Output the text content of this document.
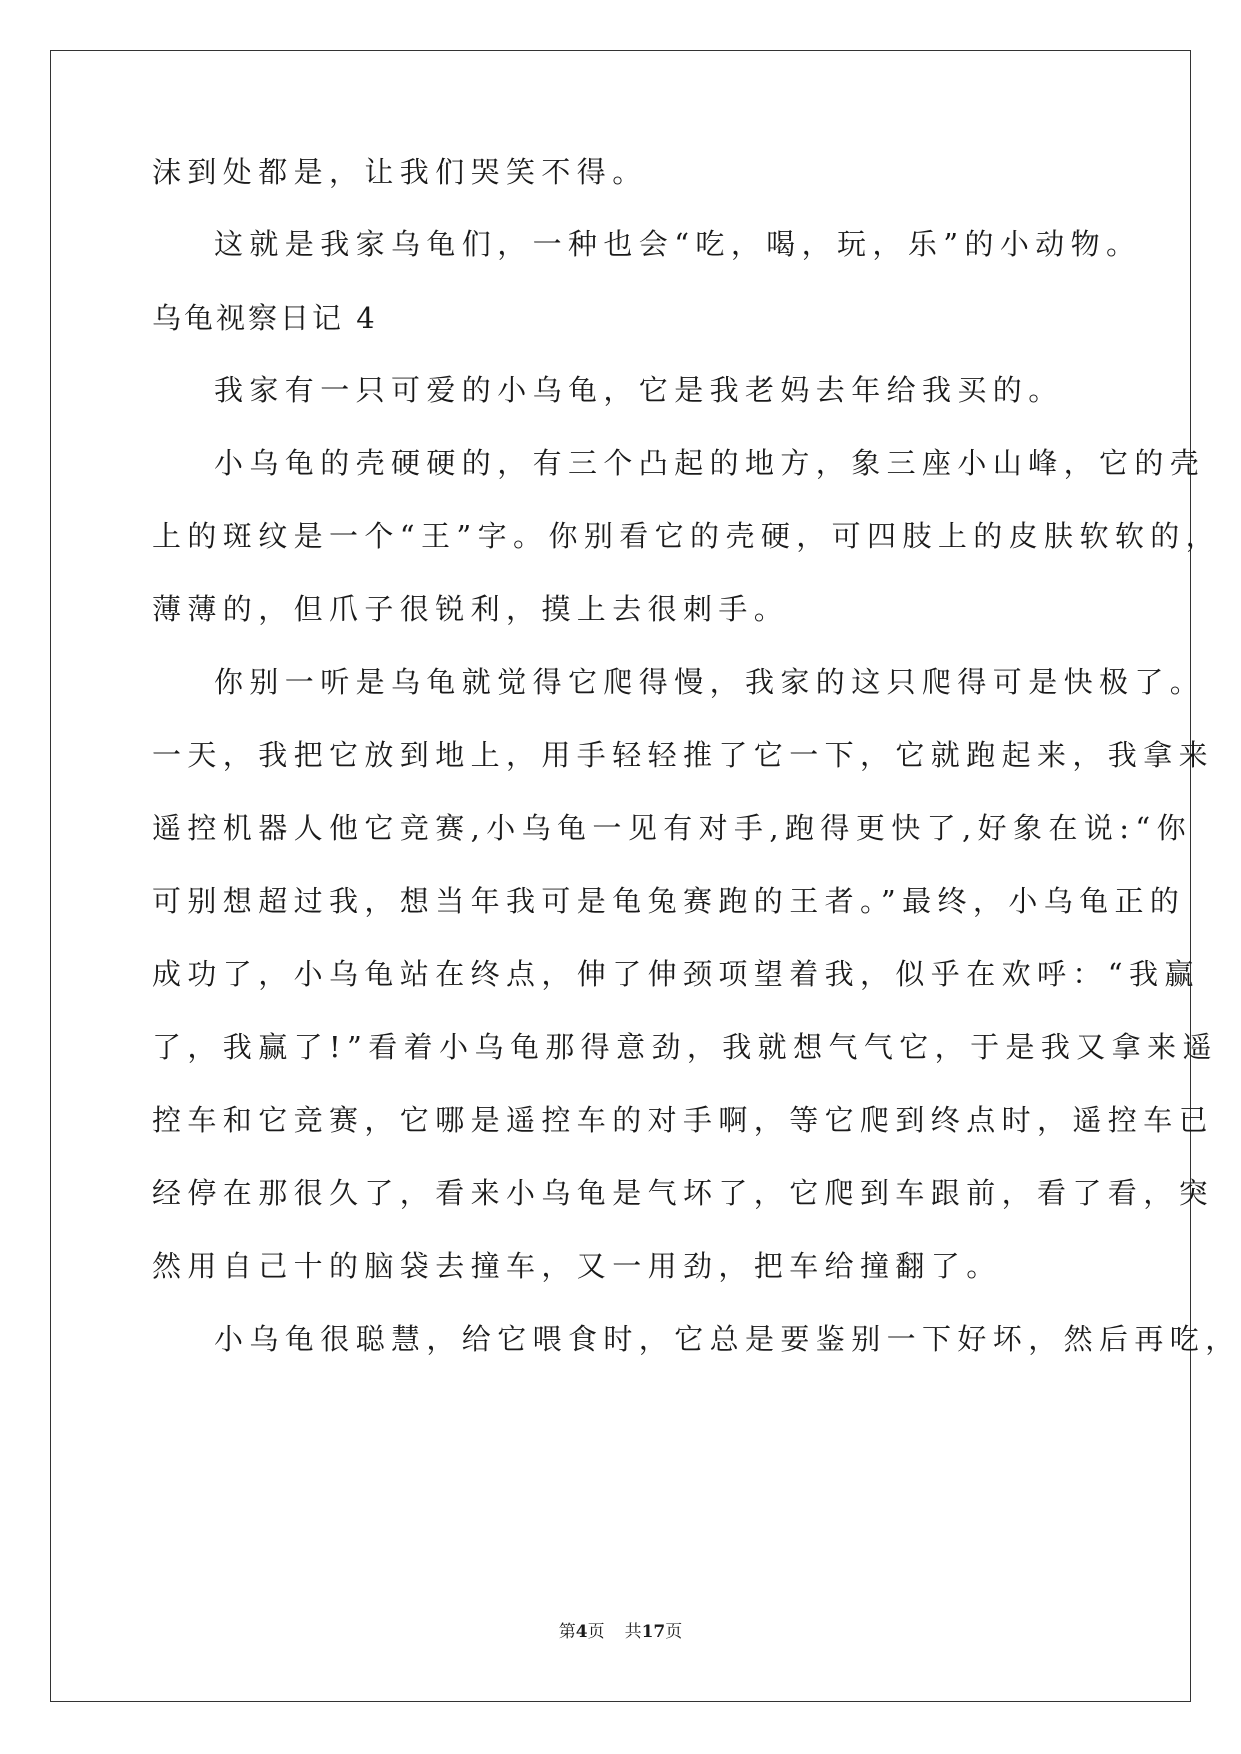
沫到处都是，让我们哭笑不得。
这就是我家乌龟们，一种也会“吃，喝，玩，乐”的小动物。
乌龟视察日记 4
我家有一只可爱的小乌龟，它是我老妈去年给我买的。
小乌龟的壳硬硬的，有三个凸起的地方，象三座小山峰，它的壳
上的斑纹是一个“王”字。你别看它的壳硬，可四肢上的皮肤软软的，
薄薄的，但爪子很锐利，摸上去很刺手。
你别一听是乌龟就觉得它爬得慢，我家的这只爬得可是快极了。
一天，我把它放到地上，用手轻轻推了它一下，它就跑起来，我拿来
遥控机器人他它竞赛,小乌龟一见有对手,跑得更快了,好象在说:“你
可别想超过我，想当年我可是龟兔赛跑的王者。”最终，小乌龟正的
成功了，小乌龟站在终点，伸了伸颈项望着我，似乎在欢呼：“我赢
了，我赢了!”看着小乌龟那得意劲，我就想气气它，于是我又拿来遥
控车和它竞赛，它哪是遥控车的对手啊，等它爬到终点时，遥控车已
经停在那很久了，看来小乌龟是气坏了，它爬到车跟前，看了看，突
然用自己十的脑袋去撞车，又一用劲，把车给撞翻了。
小乌龟很聪慧，给它喂食时，它总是要鉴别一下好坏，然后再吃，
第4页 共17页
